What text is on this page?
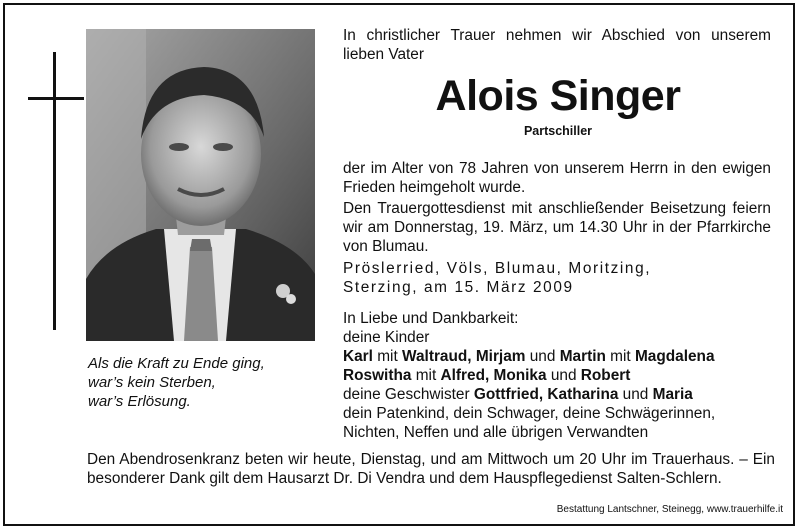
Als die Kraft zu Ende ging,
war’s kein Sterben,
war’s Erlösung.
In christlicher Trauer nehmen wir Abschied von unserem lieben Vater
Alois Singer
Partschiller
der im Alter von 78 Jahren von unserem Herrn in den ewigen Frieden heimgeholt wurde.
Den Trauergottesdienst mit anschließender Beisetzung feiern wir am Donnerstag, 19. März, um 14.30 Uhr in der Pfarrkirche von Blumau.
Pröslerried, Völs, Blumau, Moritzing,
Sterzing, am 15. März 2009
In Liebe und Dankbarkeit:
deine Kinder
Karl mit Waltraud, Mirjam und Martin mit Magdalena
Roswitha mit Alfred, Monika und Robert
deine Geschwister Gottfried, Katharina und Maria
dein Patenkind, dein Schwager, deine Schwägerinnen,
Nichten, Neffen und alle übrigen Verwandten
Den Abendrosenkranz beten wir heute, Dienstag, und am Mittwoch um 20 Uhr im Trauerhaus. – Ein besonderer Dank gilt dem Hausarzt Dr. Di Vendra und dem Hauspflegedienst Salten-Schlern.
Bestattung Lantschner, Steinegg, www.trauerhilfe.it
